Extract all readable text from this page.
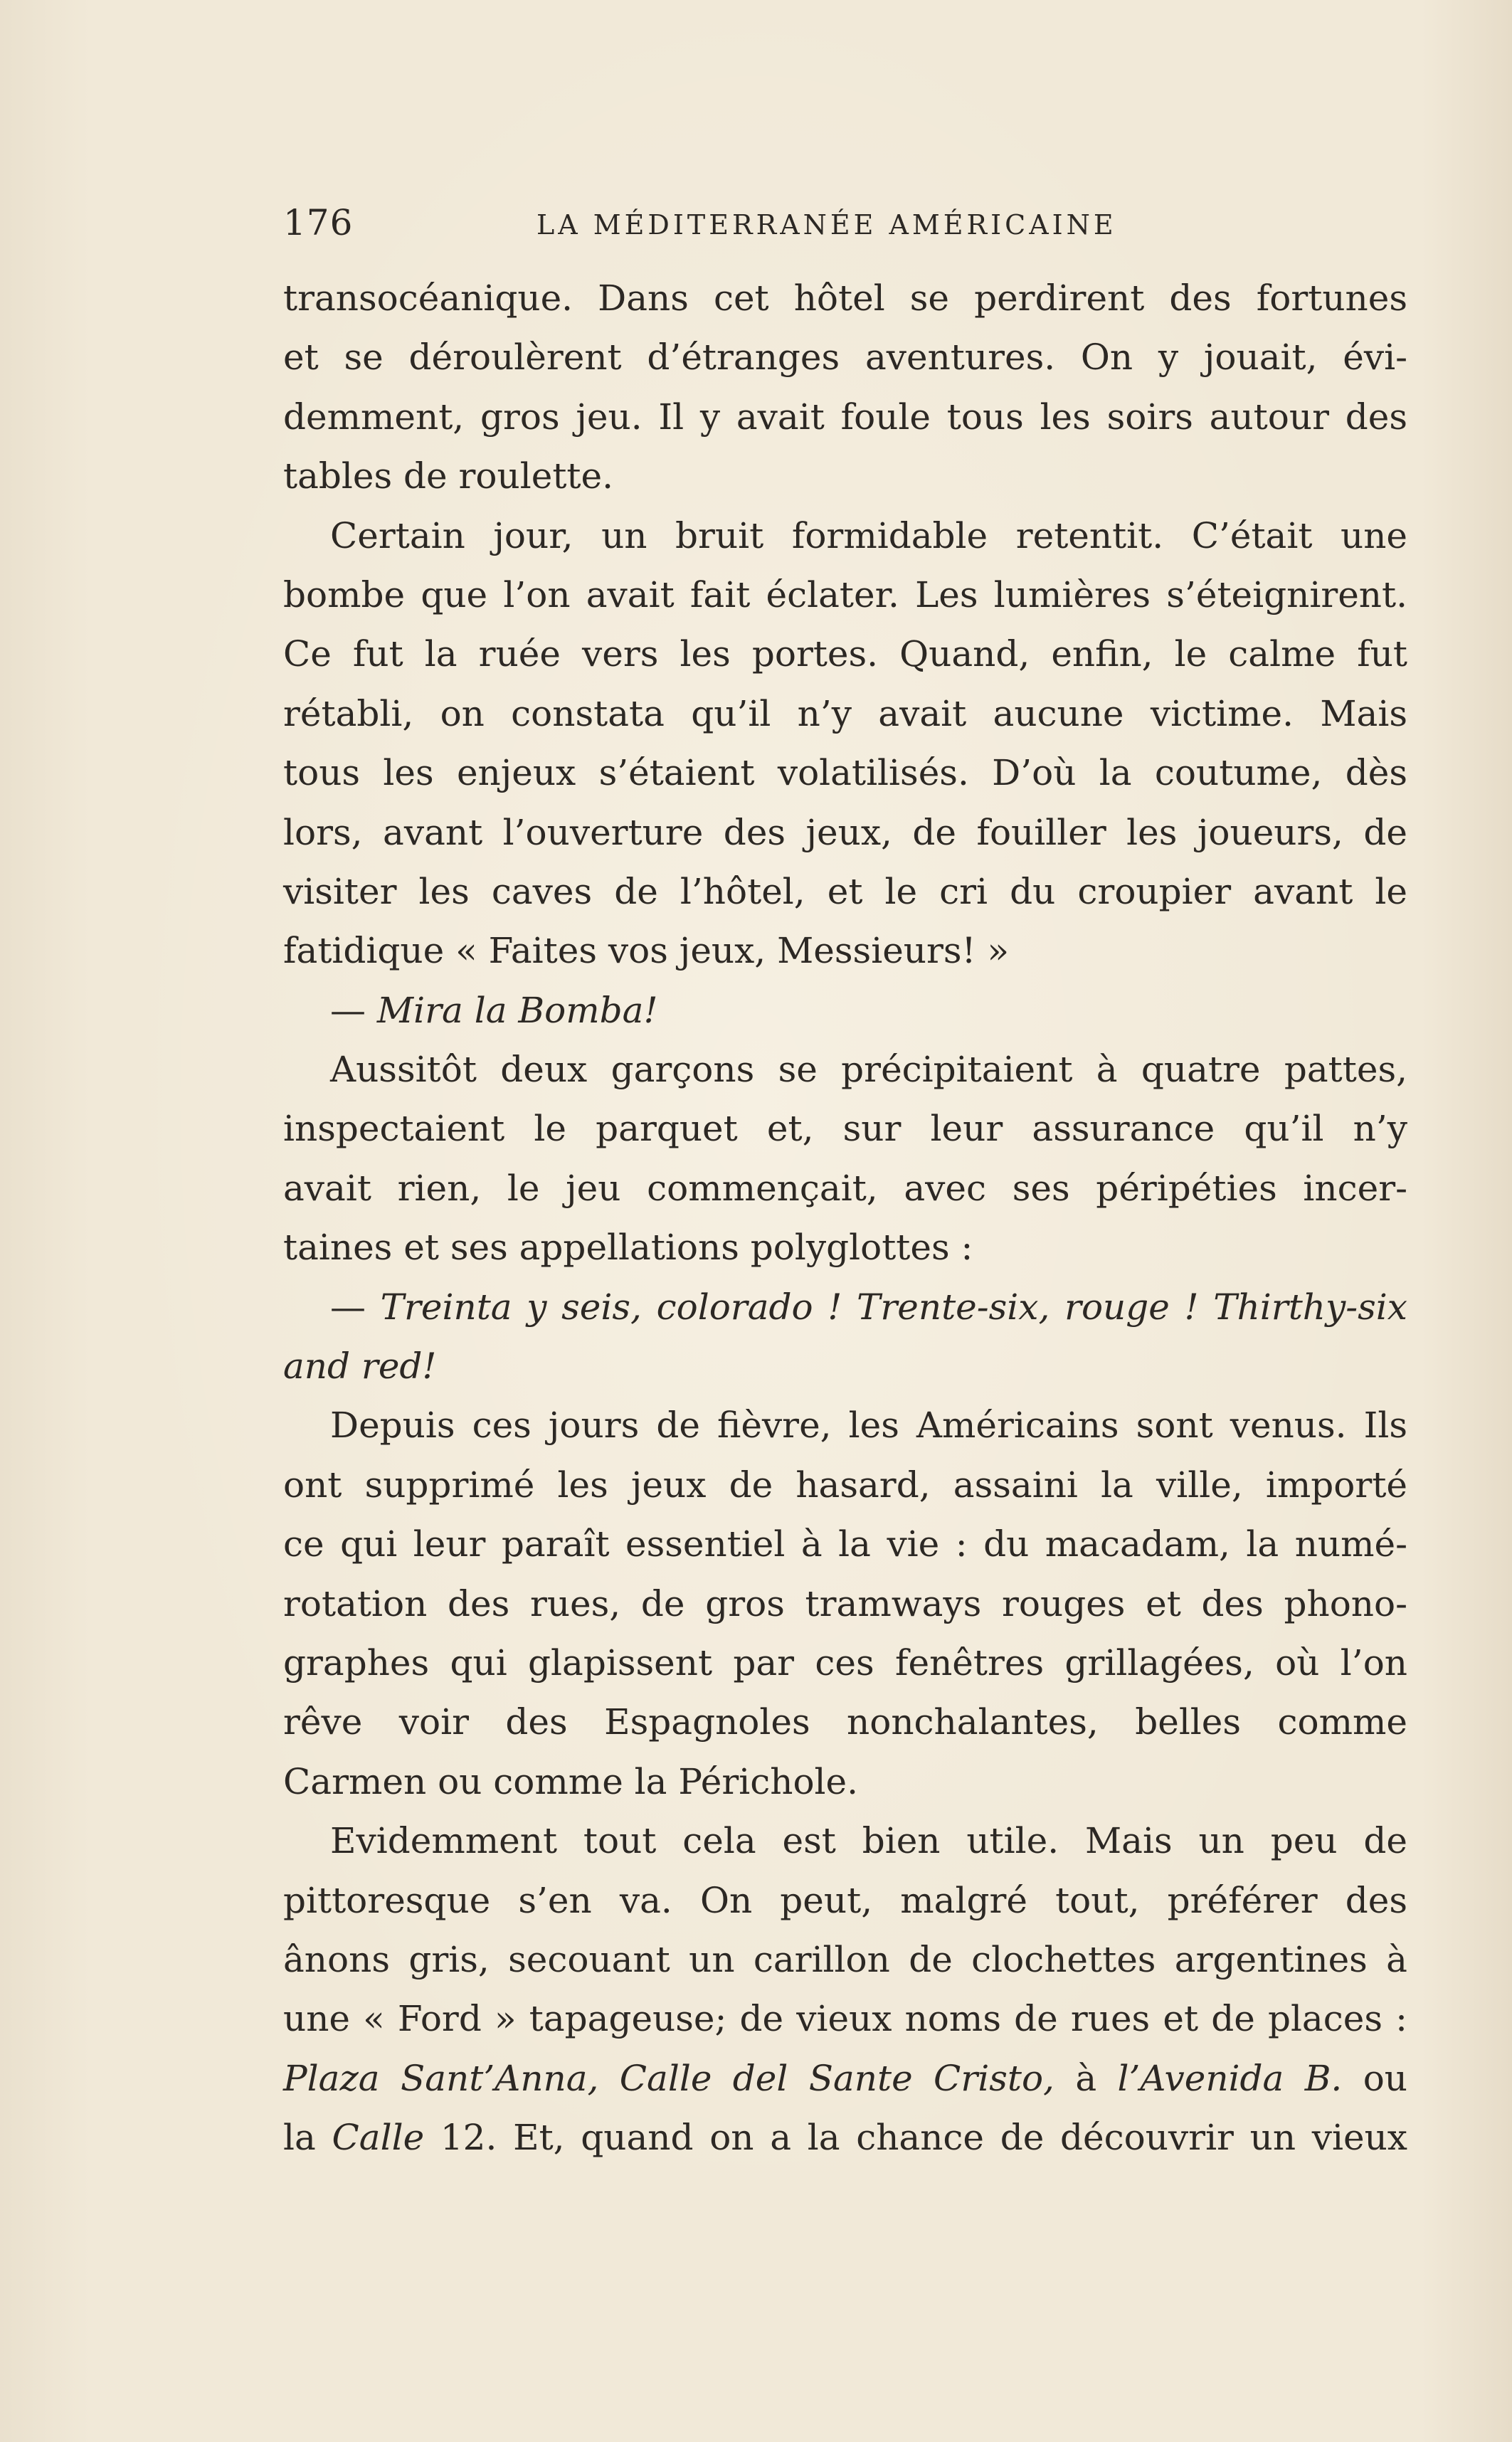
176	LA MÉDITERRANÉE AMÉRICAINE
transocéanique. Dans cet hôtel se perdirent des fortunes
et se déroulèrent d’étranges aventures. On y jouait, évi-
demment, gros jeu. Il y avait foule tous les soirs autour des
tables de roulette.
Certain jour, un bruit formidable retentit. C’était une
bombe que l’on avait fait éclater. Les lumières s’éteignirent.
Ce fut la ruée vers les portes. Quand, enfin, le calme fut
rétabli, on constata qu’il n’y avait aucune victime. Mais
tous les enjeux s’étaient volatilisés. D’où la coutume, dès
lors, avant l’ouverture des jeux, de fouiller les joueurs, de
visiter les caves de l’hôtel, et le cri du croupier avant le
fatidique « Faites vos jeux, Messieurs! »
— Mira la Bomba!
Aussitôt deux garçons se précipitaient à quatre pattes,
inspectaient le parquet et, sur leur assurance qu’il n’y
avait rien, le jeu commençait, avec ses péripéties incer-
taines et ses appellations polyglottes :
— Treinta y seis, colorado ! Trente-six, rouge ! Thirthy-six
and red!
Depuis ces jours de fièvre, les Américains sont venus. Ils
ont supprimé les jeux de hasard, assaini la ville, importé
ce qui leur paraît essentiel à la vie : du macadam, la numé-
rotation des rues, de gros tramways rouges et des phono-
graphes qui glapissent par ces fenêtres grillagées, où l’on
rêve voir des Espagnoles nonchalantes, belles comme
Carmen ou comme la Périchole.
Evidemment tout cela est bien utile. Mais un peu de
pittoresque s’en va. On peut, malgré tout, préférer des
ânons gris, secouant un carillon de clochettes argentines à
une « Ford » tapageuse; de vieux noms de rues et de places :
Plaza Sant’Anna, Calle del Sante Cristo, à l’Avenida B. ou
la Calle 12. Et, quand on a la chance de découvrir un vieux
